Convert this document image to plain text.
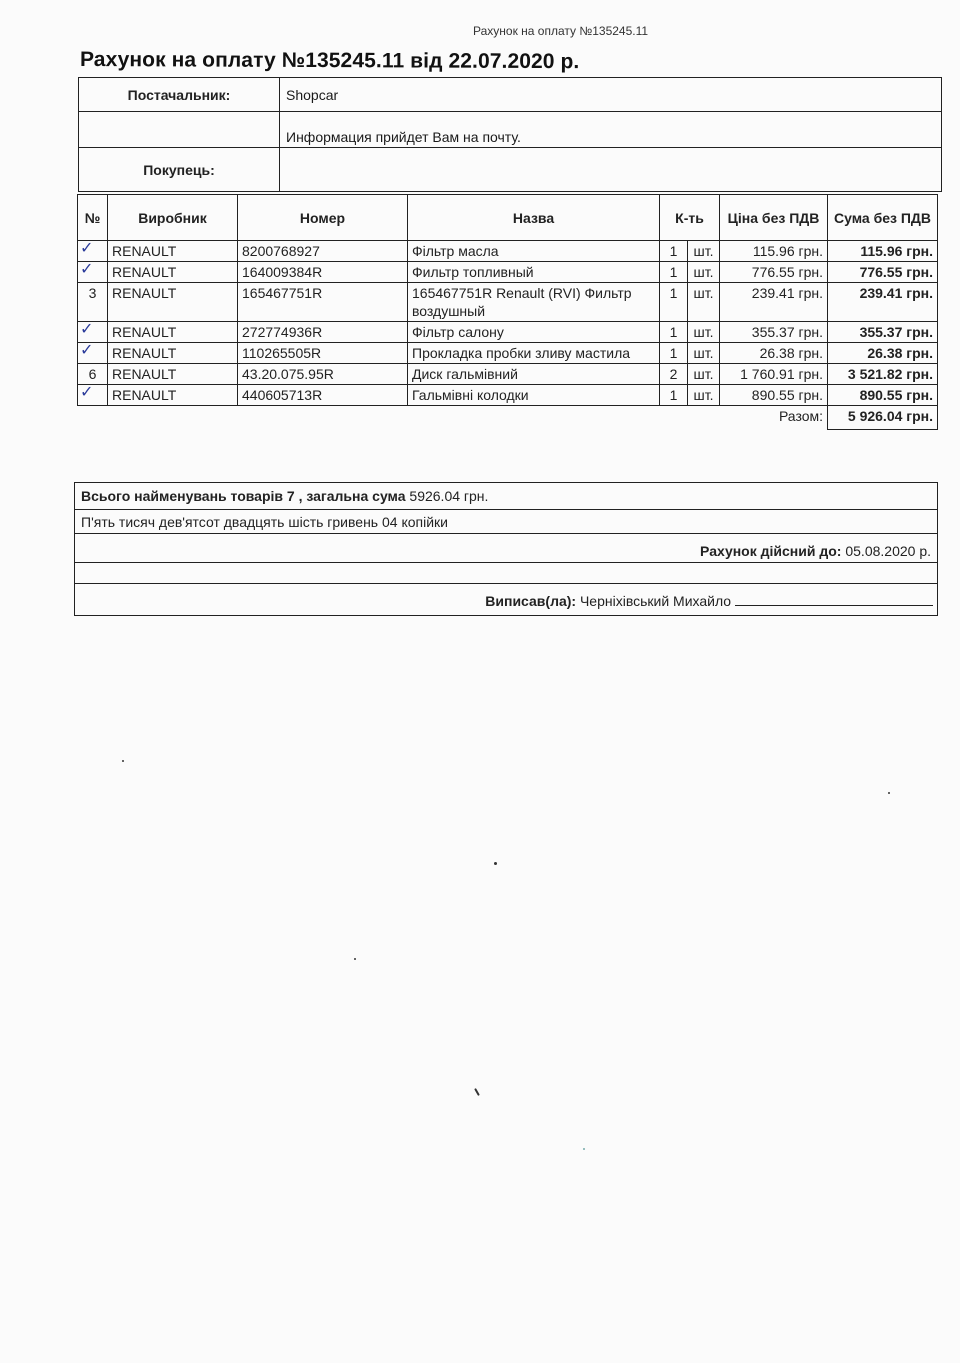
Рахунок на оплату №135245.11
Рахунок на оплату №135245.11 від 22.07.2020 р.
Постачальник:	Shopcar
	Информация прийдет Вам на почту.
Покупець:	
№	Виробник	Номер	Назва	К-ть		Ціна без ПДВ	Сума без ПДВ

✓	RENAULT	8200768927	Фільтр масла	1	шт.	115.96 грн.	115.96 грн.

✓	RENAULT	164009384R	Фильтр топливный	1	шт.	776.55 грн.	776.55 грн.
3	RENAULT	165467751R	165467751R Renault (RVI) Фильтр воздушный	1	шт.	239.41 грн.	239.41 грн.

✓	RENAULT	272774936R	Фільтр салону	1	шт.	355.37 грн.	355.37 грн.

✓	RENAULT	110265505R	Прокладка пробки зливу мастила	1	шт.	26.38 грн.	26.38 грн.
6	RENAULT	43.20.075.95R	Диск гальмівний	2	шт.	1 760.91 грн.	3 521.82 грн.

✓	RENAULT	440605713R	Гальмівні колодки	1	шт.	890.55 грн.	890.55 грн.
Разом:							5 926.04 грн.
Всього найменувань товарів 7 , загальна сума 5926.04 грн.
П'ять тисяч дев'ятсот двадцять шість гривень 04 копійки
Рахунок дійсний до: 05.08.2020 р.
Виписав(ла): Черніхівський Михайло
